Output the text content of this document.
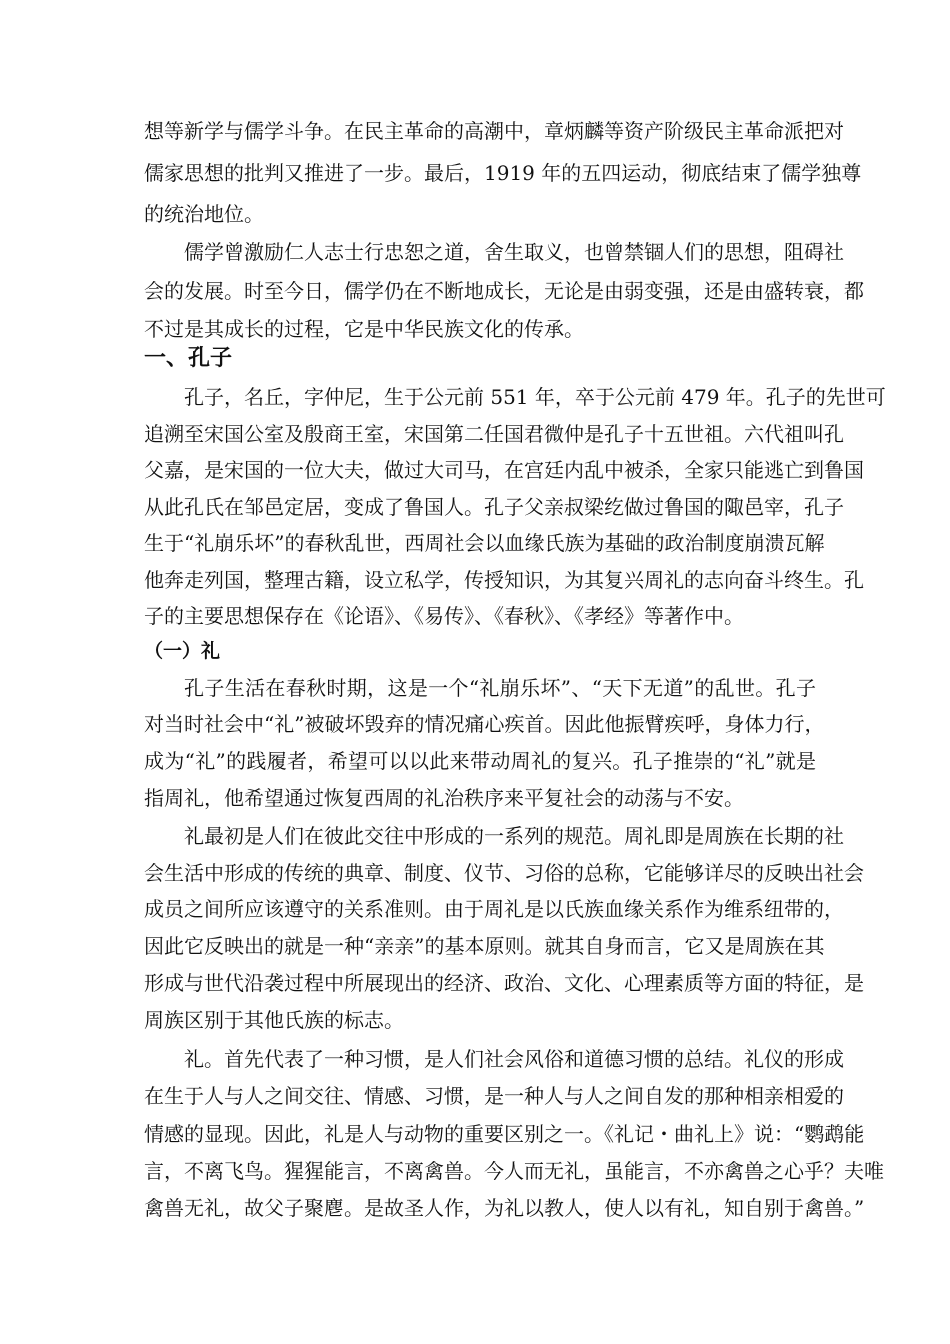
想等新学与儒学斗争。在民主革命的高潮中，章炳麟等资产阶级民主革命派把对

儒家思想的批判又推进了一步。最后，1919 年的五四运动，彻底结束了儒学独尊

的统治地位。

儒学曾激励仁人志士行忠恕之道，舍生取义，也曾禁锢人们的思想，阻碍社

会的发展。时至今日，儒学仍在不断地成长，无论是由弱变强，还是由盛转衰，都

不过是其成长的过程，它是中华民族文化的传承。

一、孔子

孔子，名丘，字仲尼，生于公元前 551 年，卒于公元前 479 年。孔子的先世可

追溯至宋国公室及殷商王室，宋国第二任国君微仲是孔子十五世祖。六代祖叫孔

父嘉，是宋国的一位大夫，做过大司马，在宫廷内乱中被杀，全家只能逃亡到鲁国

从此孔氏在邹邑定居，变成了鲁国人。孔子父亲叔梁纥做过鲁国的陬邑宰，孔子

生于“礼崩乐坏”的春秋乱世，西周社会以血缘氏族为基础的政治制度崩溃瓦解

他奔走列国，整理古籍，设立私学，传授知识，为其复兴周礼的志向奋斗终生。孔

子的主要思想保存在《论语》、《易传》、《春秋》、《孝经》等著作中。

（一）礼

孔子生活在春秋时期，这是一个“礼崩乐坏”、“天下无道”的乱世。孔子

对当时社会中“礼”被破坏毁弃的情况痛心疾首。因此他振臂疾呼，身体力行，

成为“礼”的践履者，希望可以以此来带动周礼的复兴。孔子推崇的“礼”就是

指周礼，他希望通过恢复西周的礼治秩序来平复社会的动荡与不安。

礼最初是人们在彼此交往中形成的一系列的规范。周礼即是周族在长期的社

会生活中形成的传统的典章、制度、仪节、习俗的总称，它能够详尽的反映出社会

成员之间所应该遵守的关系准则。由于周礼是以氏族血缘关系作为维系纽带的，

因此它反映出的就是一种“亲亲”的基本原则。就其自身而言，它又是周族在其

形成与世代沿袭过程中所展现出的经济、政治、文化、心理素质等方面的特征，是

周族区别于其他氏族的标志。

礼。首先代表了一种习惯，是人们社会风俗和道德习惯的总结。礼仪的形成

在生于人与人之间交往、情感、习惯，是一种人与人之间自发的那种相亲相爱的

情感的显现。因此，礼是人与动物的重要区别之一。《礼记・曲礼上》说：“鹦鹉能

言，不离飞鸟。猩猩能言，不离禽兽。今人而无礼，虽能言，不亦禽兽之心乎？夫唯

禽兽无礼，故父子聚麀。是故圣人作，为礼以教人，使人以有礼，知自别于禽兽。”
